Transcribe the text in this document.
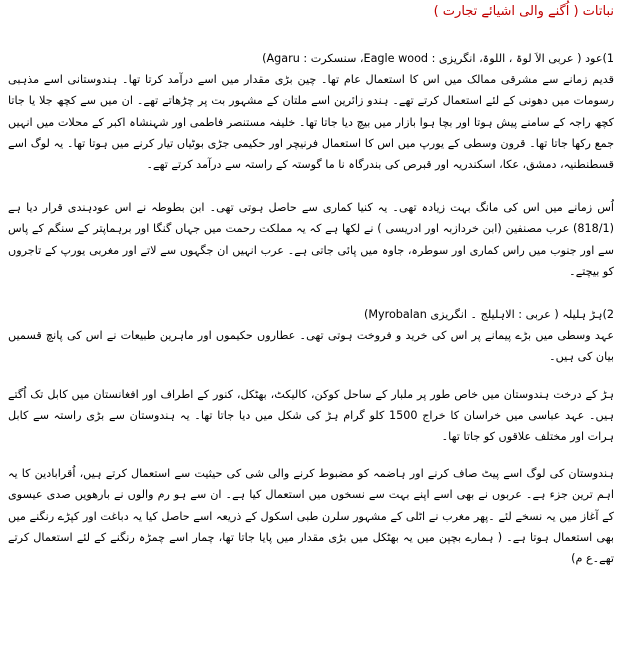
نباتات ( اُگنے والی اشیائے تجارت )
1)عود ( عربی الاَ لوۃ ، اللوۃ، انگریزی : Eagle wood، سنسکرت : Agaru)

قدیم زمانے سے مشرقی ممالک میں اس کا استعمال عام تھا۔ چین بڑی مقدار میں اسے درآمد کرتا تھا۔ ہندوستانی اسے مذہبی رسومات میں دھونی کے لئے استعمال کرتے تھے۔ ہندو زائرین اسے ملتان کے مشہور بت پر چڑھاتے تھے۔ ان میں سے کچھ جلا یا جاتا کچھ راجہ کے سامنے پیش ہوتا اور بچا ہوا بازار میں بیچ دیا جاتا تھا۔ خلیفہ مستنصر فاطمی اور شہنشاہ اکبر کے محلات میں انہیں جمع رکھا جاتا تھا۔ قرون وسطی کے یورپ میں اس کا استعمال فرنیچر اور حکیمی جڑی بوٹیاں تیار کرنے میں ہوتا تھا۔ یہ لوگ اسے قسطنطنیہ، دمشق، عکا، اسکندریہ اور قبرص کی بندرگاہ نا ما گوستہ کے راستہ سے درآمد کرتے تھے۔

اُس زمانے میں اس کی مانگ بہت زیادہ تھی۔ یہ کنیا کماری سے حاصل ہوتی تھی۔ ابن بطوطہ نے اس عودہندی قرار دیا ہے (818/1) عرب مصنفین (ابن خردازبہ اور ادریسی ) نے لکھا ہے کہ یہ مملکت رحمت میں جہاں گنگا اور برہماپتر کے سنگم کے پاس سے اور جنوب میں راس کماری اور سوطرہ، جاوہ میں پائی جاتی ہے۔ عرب انہیں ان جگہوں سے لاتے اور مغربی یورپ کے تاجروں کو بیچتے۔

2)ہڑ ہلیلہ ( عربی : الاہلیلج ۔ انگریزی Myrobalan)

عہد وسطی میں بڑے پیمانے پر اس کی خرید و فروخت ہوتی تھی۔ عطاروں حکیموں اور ماہرین طبیعات نے اس کی پانچ قسمیں بیان کی ہیں۔

ہڑ کے درخت ہندوستان میں خاص طور پر ملبار کے ساحل کوکن، کالیکٹ، بھٹکل، کنور کے اطراف اور افغانستان میں کابل تک اُگتے ہیں۔ عہد عباسی میں خراسان کا خراج 1500 کلو گرام ہڑ کی شکل میں دیا جاتا تھا۔ یہ ہندوستان سے بڑی راستہ سے کابل ہرات اور مختلف علاقوں کو جاتا تھا۔

ہندوستان کی لوگ اسے پیٹ صاف کرنے اور ہاضمہ کو مضبوط کرنے والی شی کی حیثیت سے استعمال کرتے ہیں، اُقرابادین کا یہ اہم ترین جزء ہے۔ عربوں نے بھی اسے اپنے بہت سے نسخوں میں استعمال کیا ہے۔ ان سے ہو رم والوں نے بارھویں صدی عیسوی کے آغاز میں یہ نسخے لئے ۔پھر مغرب نے اٹلی کے مشہور سلرن طبی اسکول کے ذریعہ اسے حاصل کیا یہ دباغت اور کپڑے رنگنے میں بھی استعمال ہوتا ہے۔ ( ہمارے بچپن میں یہ بھٹکل میں بڑی مقدار میں پایا جاتا تھا، چمار اسے چمڑہ رنگنے کے لئے استعمال کرتے تھے۔ع م)
